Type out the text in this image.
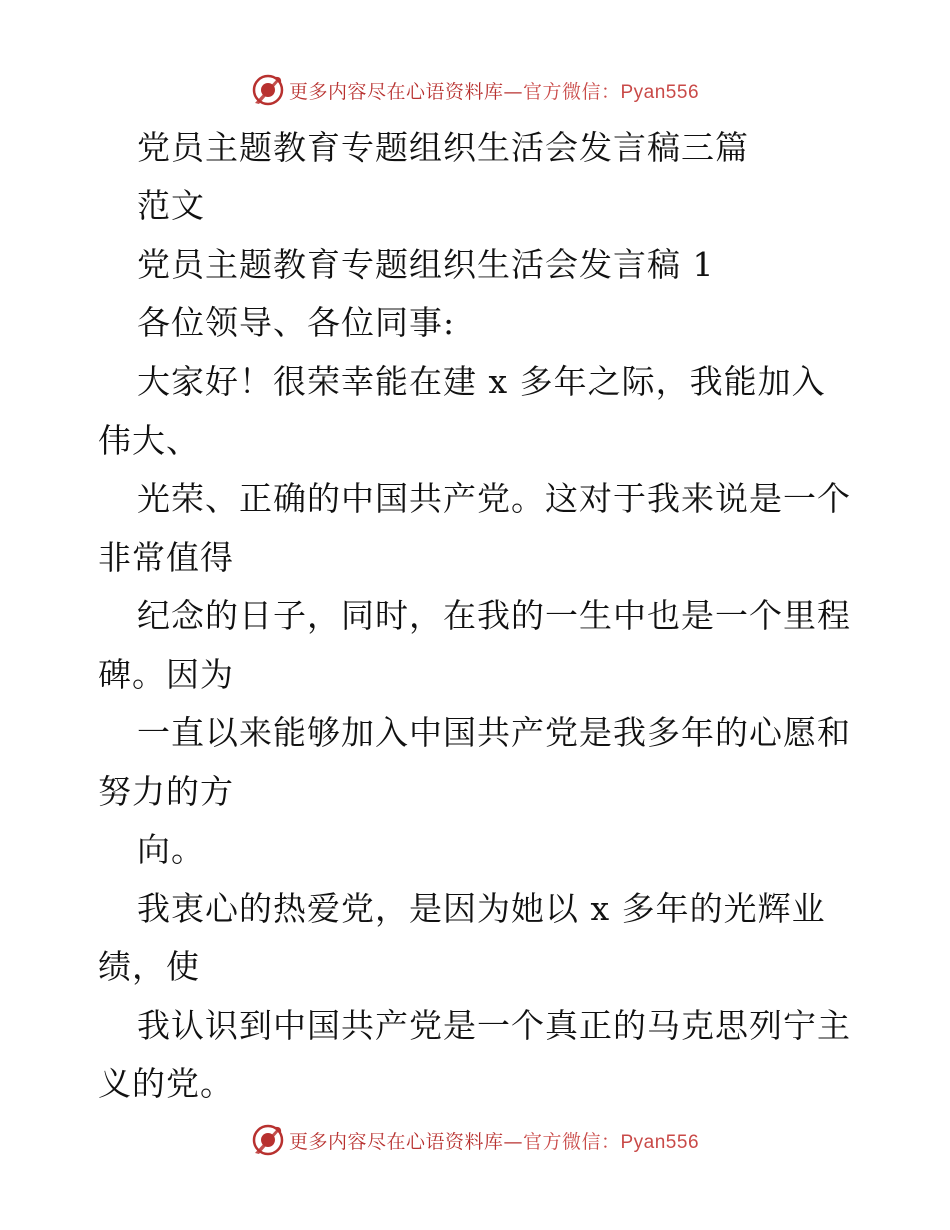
更多内容尽在心语资料库—官方微信：Pyan556
党员主题教育专题组织生活会发言稿三篇
范文
党员主题教育专题组织生活会发言稿 1
各位领导、各位同事:
大家好！很荣幸能在建 x 多年之际，我能加入
伟大、
光荣、正确的中国共产党。这对于我来说是一个
非常值得
纪念的日子，同时，在我的一生中也是一个里程
碑。因为
一直以来能够加入中国共产党是我多年的心愿和
努力的方
向。
我衷心的热爱党，是因为她以 x 多年的光辉业
绩，使
我认识到中国共产党是一个真正的马克思列宁主
义的党。
更多内容尽在心语资料库—官方微信：Pyan556
